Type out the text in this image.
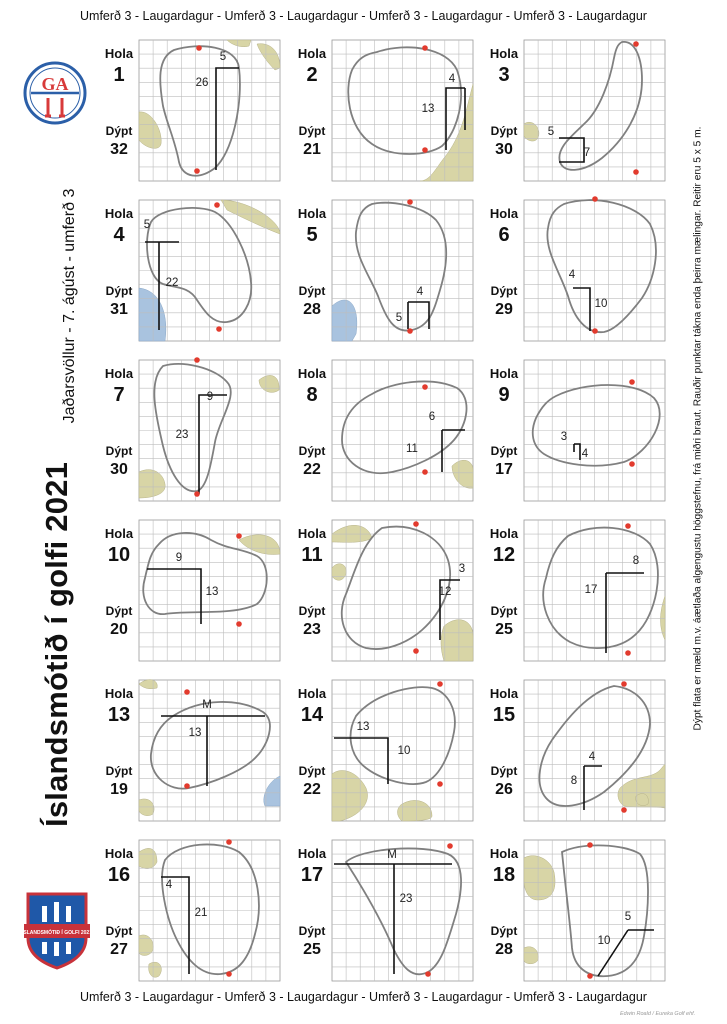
Umferð 3 - Laugardagur - Umferð 3 - Laugardagur - Umferð 3 - Laugardagur - Umferð 3 - Laugardagur
GA
Jaðarsvöllur - 7. ágúst - umferð 3
Íslandsmótið í golfi 2021	Dýpt flata er mæld m.v. áætlaða algengustu höggstefnu, frá miðri braut. Rauðir punktar tákna enda þeirra mælingar. Reitir eru 5 x 5 m.
ÍSLANDSMÓTIÐ Í GOLFI 2021
Hola
1
Dýpt
32
5
26
Hola
2
Dýpt
21
4
13
Hola
3
Dýpt
30
5
7
Hola
4
Dýpt
31
5
22
Hola
5
Dýpt
28
4
5
Hola
6
Dýpt
29
4
10
Hola
7
Dýpt
30
9
23
Hola
8
Dýpt
22
6
11
Hola
9
Dýpt
17
3
4
Hola
10
Dýpt
20
9
13
Hola
11
Dýpt
23
3
12
Hola
12
Dýpt
25
8
17
Hola
13
Dýpt
19
M
13
Hola
14
Dýpt
22
13
10
Hola
15
Dýpt
26
4
8
Hola
16
Dýpt
27
4
21
Hola
17
Dýpt
25
M
23
Hola
18
Dýpt
28
5
10
Umferð 3 - Laugardagur - Umferð 3 - Laugardagur - Umferð 3 - Laugardagur - Umferð 3 - Laugardagur
Edwin Roald / Eureka Golf ehf.
